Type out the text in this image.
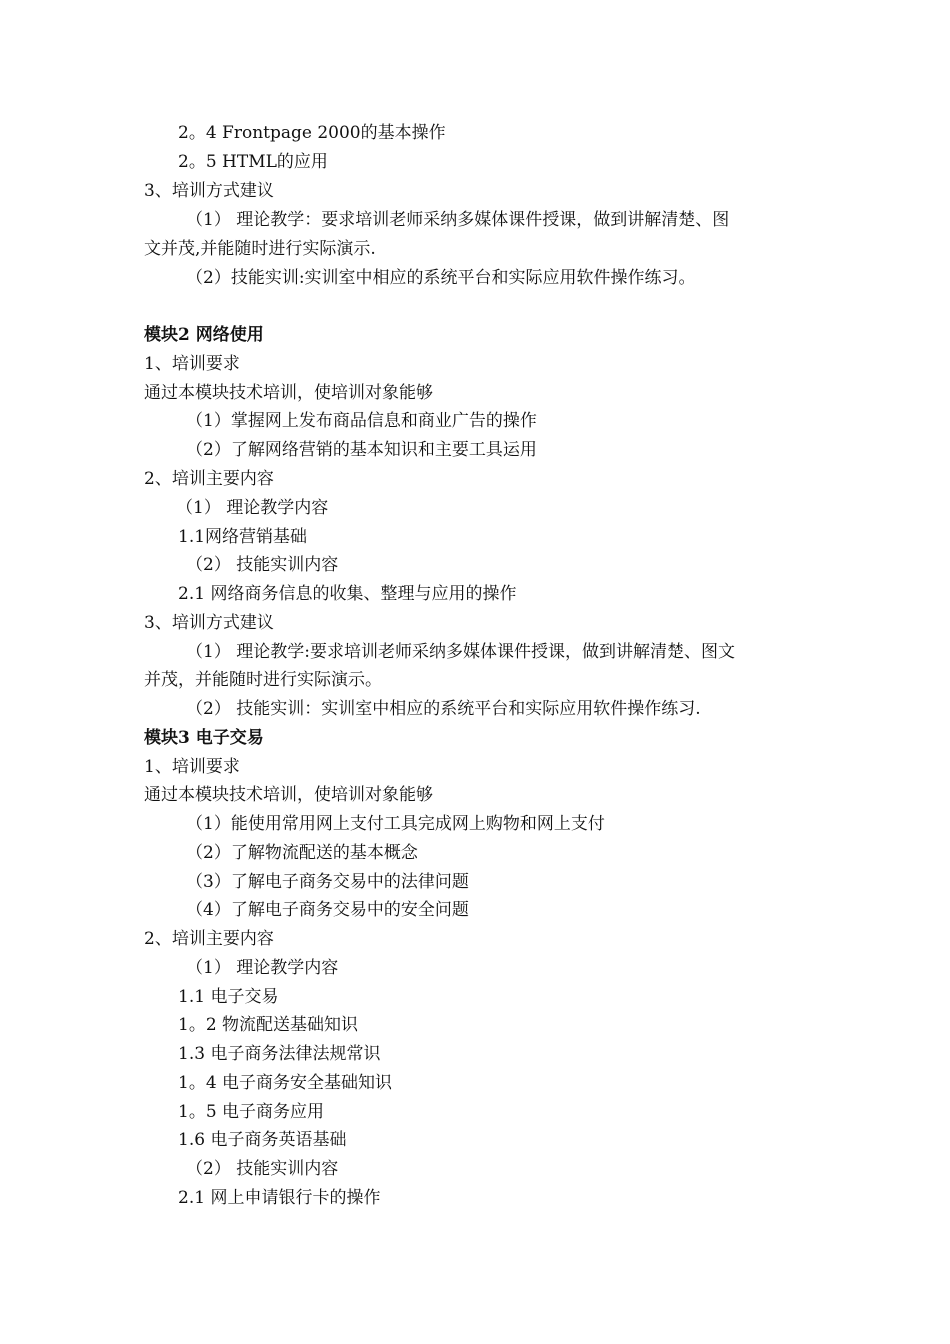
2。4 Frontpage 2000的基本操作

2。5 HTML的应用

3、培训方式建议

（1） 理论教学：要求培训老师采纳多媒体课件授课，做到讲解清楚、图

文并茂,并能随时进行实际演示.

（2）技能实训:实训室中相应的系统平台和实际应用软件操作练习。

模块2 网络使用

1、培训要求

通过本模块技术培训，使培训对象能够

（1）掌握网上发布商品信息和商业广告的操作

（2）了解网络营销的基本知识和主要工具运用

2、培训主要内容

（1） 理论教学内容

1.1网络营销基础

（2） 技能实训内容

2.1 网络商务信息的收集、整理与应用的操作

3、培训方式建议

（1） 理论教学:要求培训老师采纳多媒体课件授课，做到讲解清楚、图文

并茂，并能随时进行实际演示。

（2） 技能实训：实训室中相应的系统平台和实际应用软件操作练习.

模块3 电子交易

1、培训要求

通过本模块技术培训，使培训对象能够

（1）能使用常用网上支付工具完成网上购物和网上支付

（2）了解物流配送的基本概念

（3）了解电子商务交易中的法律问题

（4）了解电子商务交易中的安全问题

2、培训主要内容

（1） 理论教学内容

1.1 电子交易

1。2 物流配送基础知识

1.3 电子商务法律法规常识

1。4 电子商务安全基础知识

1。5 电子商务应用

1.6 电子商务英语基础

（2） 技能实训内容

2.1 网上申请银行卡的操作
